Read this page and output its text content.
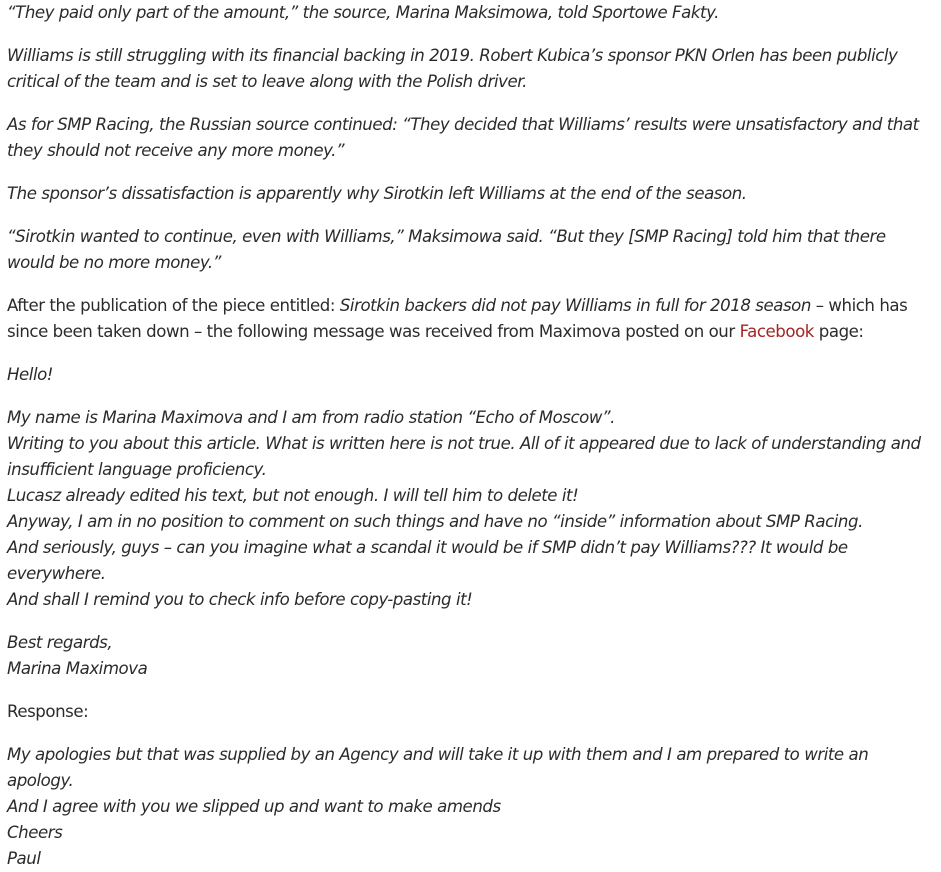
“They paid only part of the amount,” the source, Marina Maksimowa, told Sportowe Fakty.

Williams is still struggling with its financial backing in 2019. Robert Kubica’s sponsor PKN Orlen has been publicly critical of the team and is set to leave along with the Polish driver.

As for SMP Racing, the Russian source continued: “They decided that Williams’ results were unsatisfactory and that they should not receive any more money.”

The sponsor’s dissatisfaction is apparently why Sirotkin left Williams at the end of the season.

“Sirotkin wanted to continue, even with Williams,” Maksimowa said. “But they [SMP Racing] told him that there would be no more money.”

After the publication of the piece entitled: Sirotkin backers did not pay Williams in full for 2018 season – which has since been taken down – the following message was received from Maximova posted on our Facebook page:

Hello!

My name is Marina Maximova and I am from radio station “Echo of Moscow”.
Writing to you about this article. What is written here is not true. All of it appeared due to lack of understanding and insufficient language proficiency.
Lucasz already edited his text, but not enough. I will tell him to delete it!
Anyway, I am in no position to comment on such things and have no “inside” information about SMP Racing.
And seriously, guys – can you imagine what a scandal it would be if SMP didn’t pay Williams??? It would be everywhere.
And shall I remind you to check info before copy-pasting it!

Best regards,
Marina Maximova

Response:

My apologies but that was supplied by an Agency and will take it up with them and I am prepared to write an apology.
And I agree with you we slipped up and want to make amends
Cheers
Paul
